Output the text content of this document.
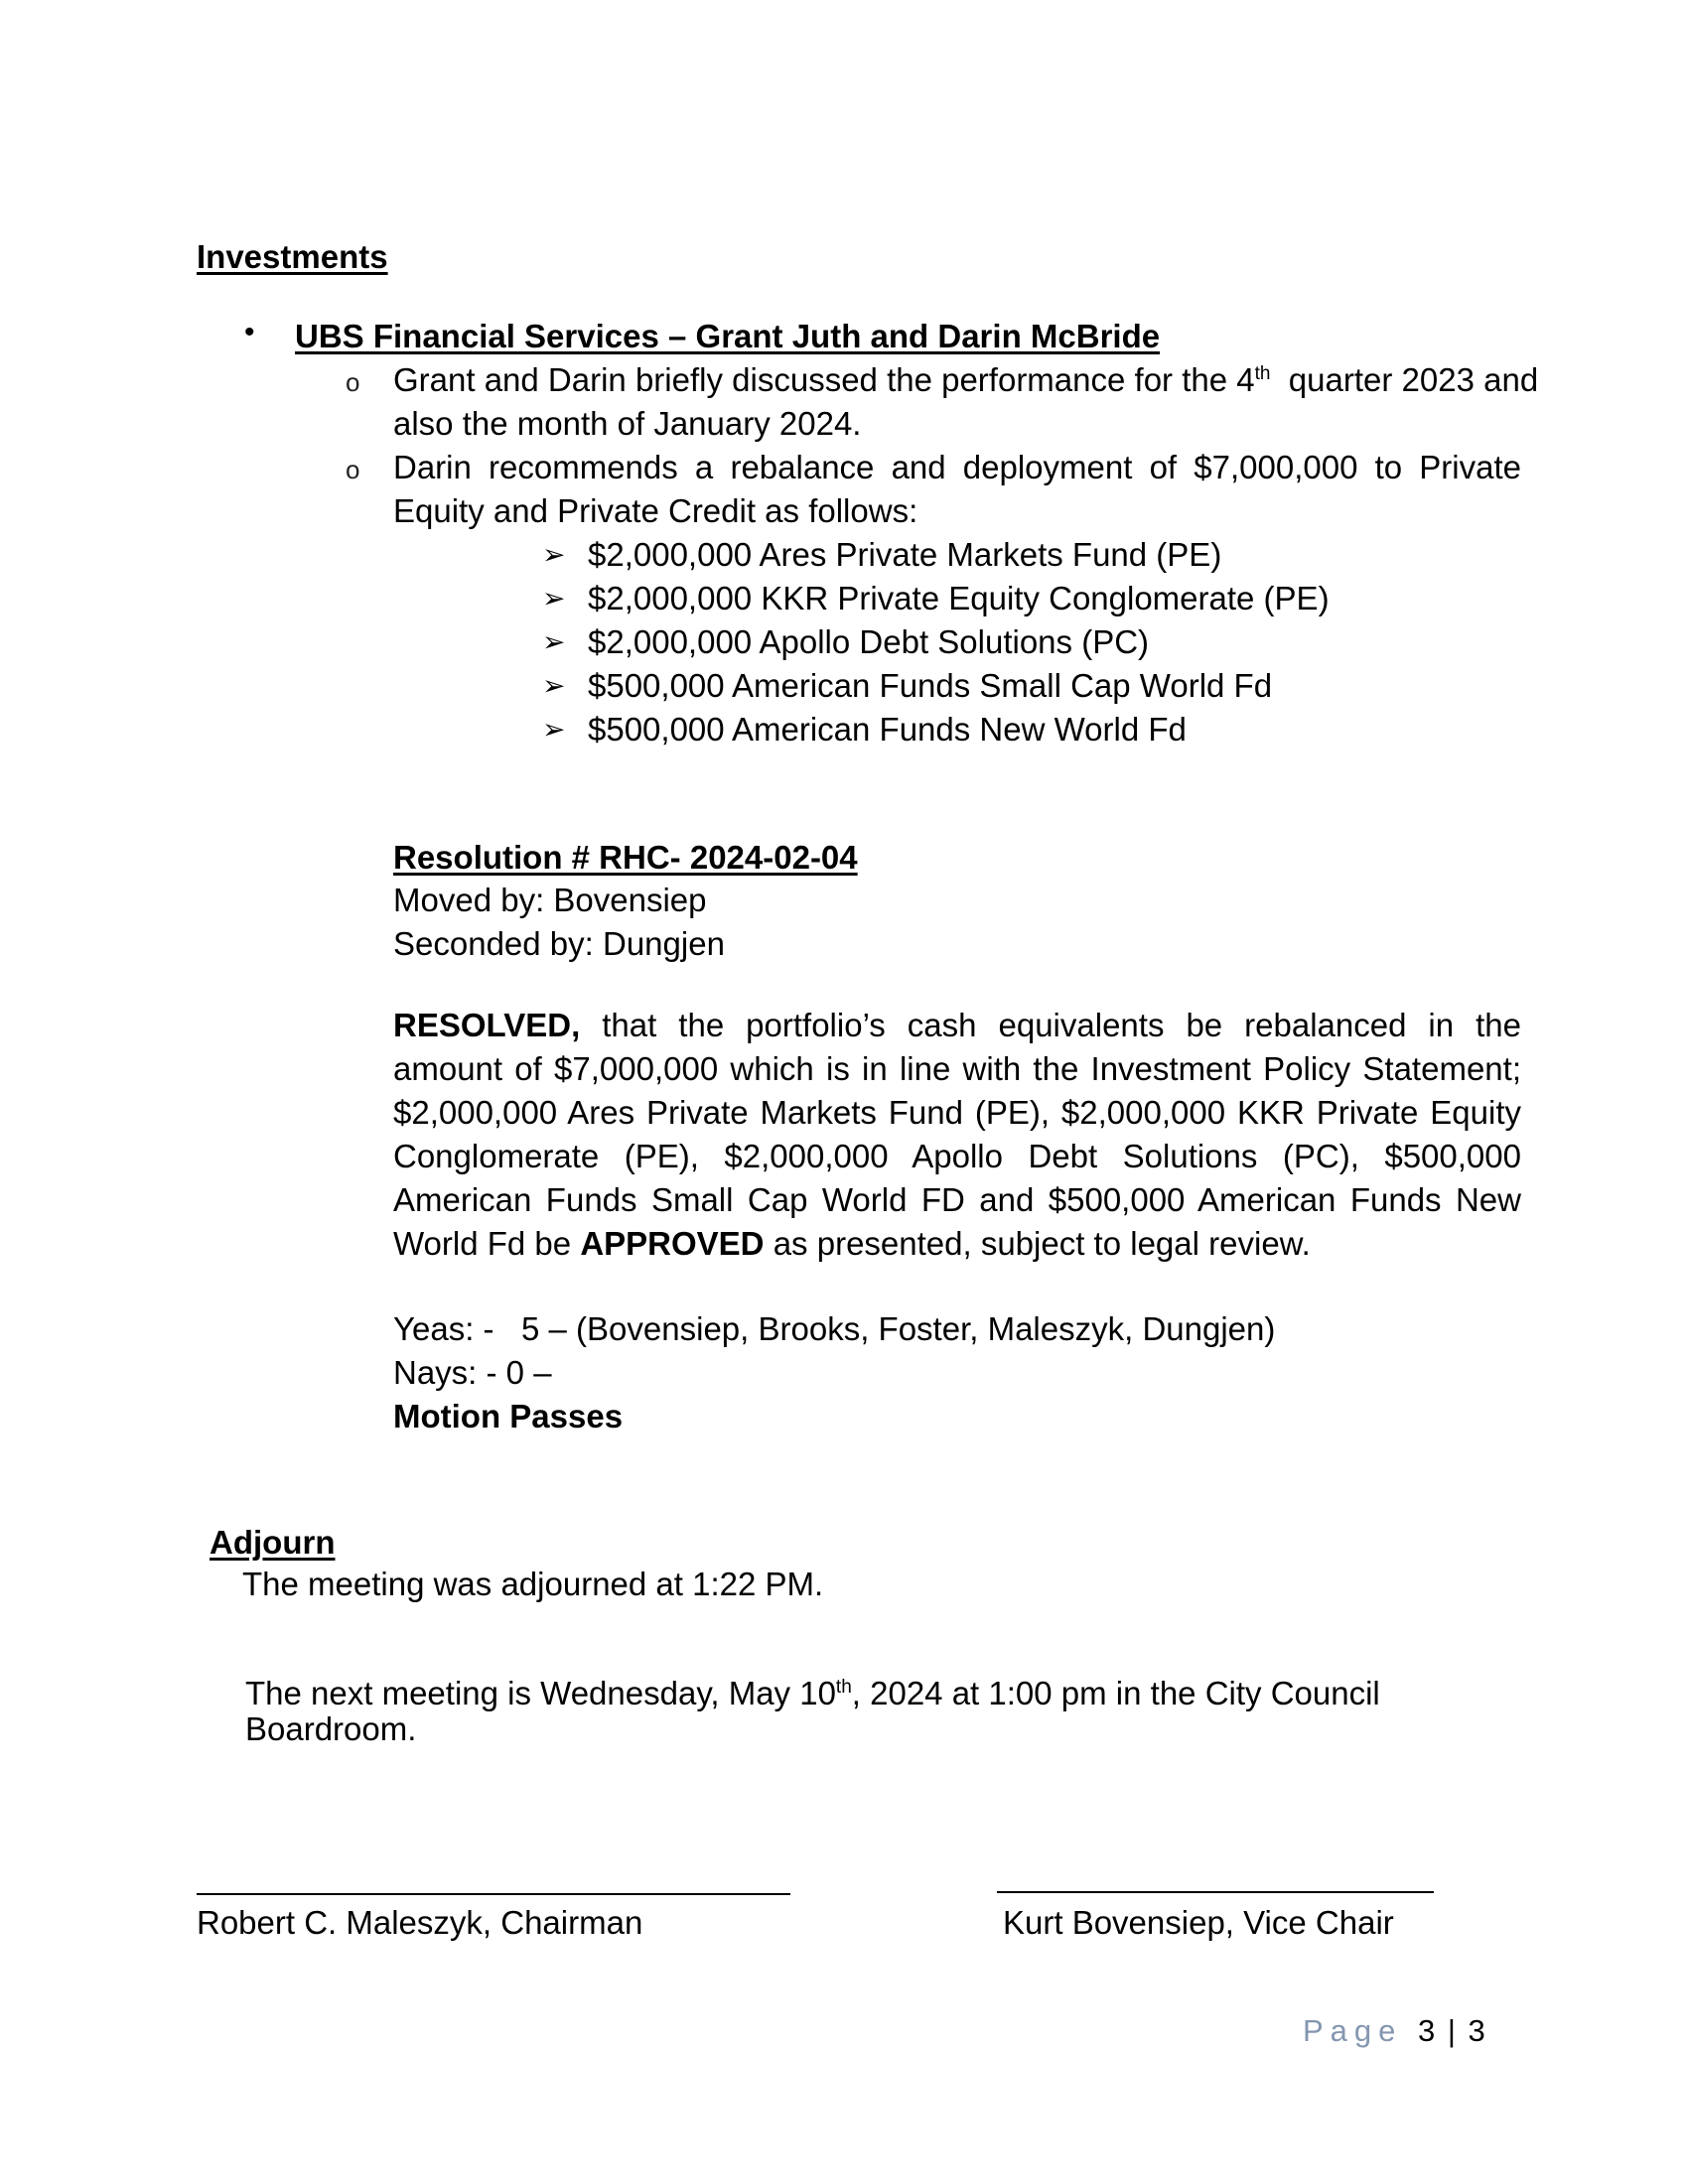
Investments
• UBS Financial Services – Grant Juth and Darin McBride
o Grant and Darin briefly discussed the performance for the 4th  quarter 2023 and
also the month of January 2024.
o Darin recommends a rebalance and deployment of $7,000,000 to Private
Equity and Private Credit as follows:
➢ $2,000,000 Ares Private Markets Fund (PE)
➢ $2,000,000 KKR Private Equity Conglomerate (PE)
➢ $2,000,000 Apollo Debt Solutions (PC)
➢ $500,000 American Funds Small Cap World Fd
➢ $500,000 American Funds New World Fd
Resolution # RHC- 2024-02-04
Moved by: Bovensiep
Seconded by: Dungjen
RESOLVED, that the portfolio’s cash equivalents be rebalanced in the amount of $7,000,000 which is in line with the Investment Policy Statement; $2,000,000 Ares Private Markets Fund (PE), $2,000,000 KKR Private Equity Conglomerate (PE), $2,000,000 Apollo Debt Solutions (PC), $500,000 American Funds Small Cap World FD and $500,000 American Funds New World Fd be APPROVED as presented, subject to legal review.
Yeas: -   5 – (Bovensiep, Brooks, Foster, Maleszyk, Dungjen)
Nays: - 0 –
Motion Passes
Adjourn
The meeting was adjourned at 1:22 PM.
The next meeting is Wednesday, May 10th, 2024 at 1:00 pm in the City Council
Boardroom.
Robert C. Maleszyk, Chairman	Kurt Bovensiep, Vice Chair
Page 3 | 3
